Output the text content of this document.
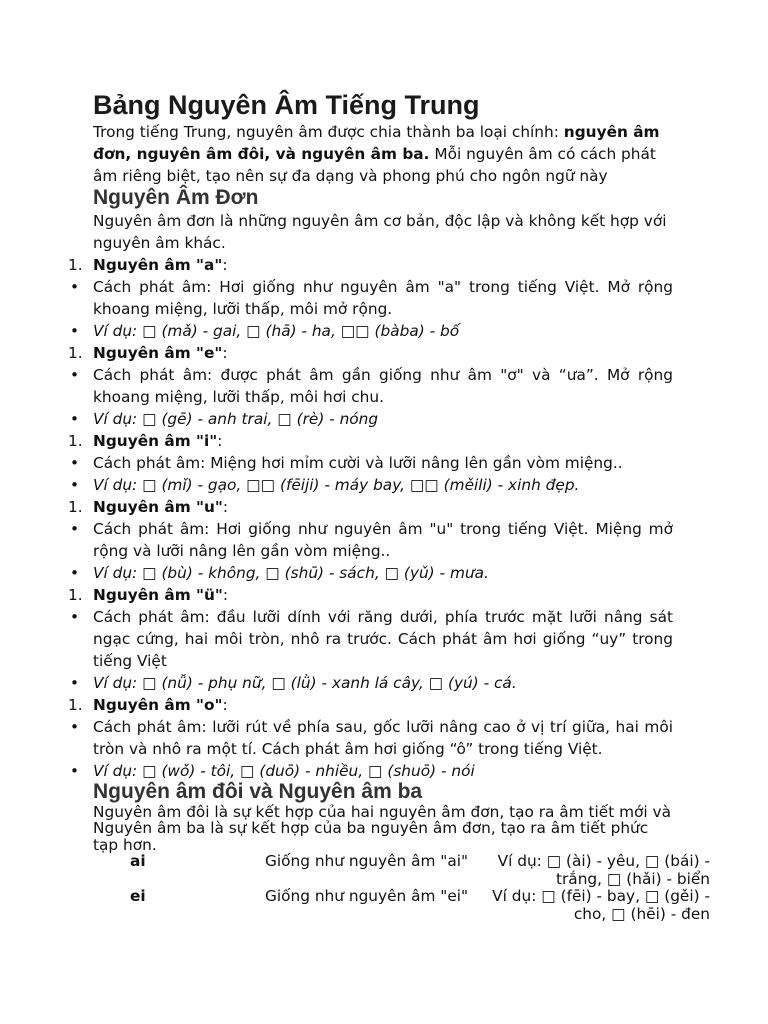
Bảng Nguyên Âm Tiếng Trung

Trong tiếng Trung, nguyên âm được chia thành ba loại chính: nguyên âm đơn, nguyên âm đôi, và nguyên âm ba. Mỗi nguyên âm có cách phát âm riêng biệt, tạo nên sự đa dạng và phong phú cho ngôn ngữ này

Nguyên Âm Đơn

Nguyên âm đơn là những nguyên âm cơ bản, độc lập và không kết hợp với nguyên âm khác.

1. Nguyên âm "a":
• Cách phát âm: Hơi giống như nguyên âm "a" trong tiếng Việt. Mở rộng khoang miệng, lưỡi thấp, môi mở rộng.
• Ví dụ: □ (mǎ) - gai, □ (hā) - ha, □□ (bàba) - bố
1. Nguyên âm "e":
• Cách phát âm: được phát âm gần giống như âm "ơ" và “ưa”. Mở rộng khoang miệng, lưỡi thấp, môi hơi chu.
• Ví dụ: □ (gē) - anh trai, □ (rè) - nóng
1. Nguyên âm "i":
• Cách phát âm: Miệng hơi mỉm cười và lưỡi nâng lên gần vòm miệng..
• Ví dụ: □ (mǐ) - gạo, □□ (fēiji) - máy bay, □□ (měili) - xinh đẹp.
1. Nguyên âm "u":
• Cách phát âm: Hơi giống như nguyên âm "u" trong tiếng Việt. Miệng mở rộng và lưỡi nâng lên gần vòm miệng..
• Ví dụ: □ (bù) - không, □ (shū) - sách, □ (yǔ) - mưa.
1. Nguyên âm "ü":
• Cách phát âm: đầu lưỡi dính với răng dưới, phía trước mặt lưỡi nâng sát ngạc cứng, hai môi tròn, nhô ra trước. Cách phát âm hơi giống “uy” trong tiếng Việt
• Ví dụ: □ (nǚ) - phụ nữ, □ (lǜ) - xanh lá cây, □ (yú) - cá.
1. Nguyên âm "o":
• Cách phát âm: lưỡi rút về phía sau, gốc lưỡi nâng cao ở vị trí giữa, hai môi tròn và nhô ra một tí. Cách phát âm hơi giống “ô” trong tiếng Việt.
• Ví dụ: □ (wǒ) - tôi, □ (duō) - nhiều, □ (shuō) - nói
Nguyên âm đôi và Nguyên âm ba

Nguyên âm đôi là sự kết hợp của hai nguyên âm đơn, tạo ra âm tiết mới và Nguyên âm ba là sự kết hợp của ba nguyên âm đơn, tạo ra âm tiết phức tạp hơn.

ai	Giống như nguyên âm "ai"	Ví dụ: □ (ài) - yêu, □ (bái) - trắng, □ (hǎi) - biển
ei	Giống như nguyên âm "ei"	Ví dụ: □ (fēi) - bay, □ (gěi) - cho, □ (hēi) - đen
